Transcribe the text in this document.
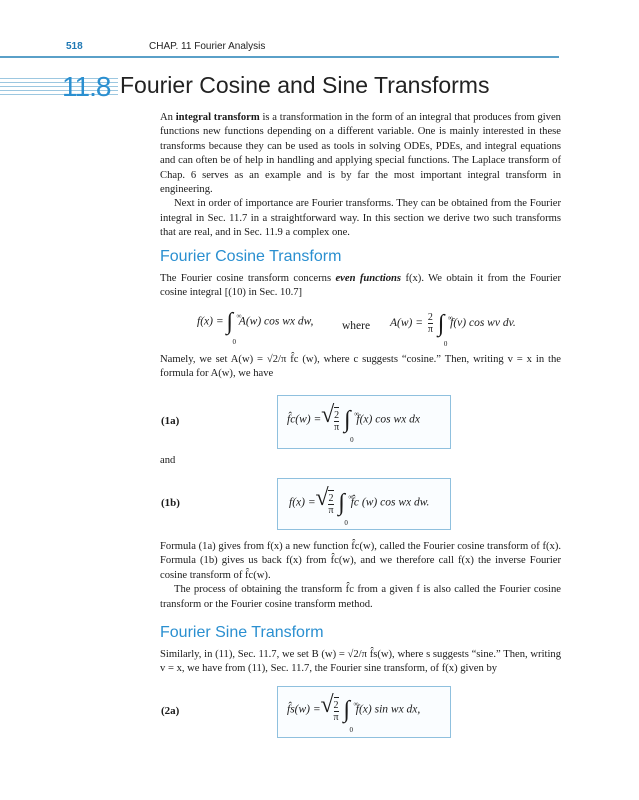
518	CHAP. 11 Fourier Analysis
11.8 Fourier Cosine and Sine Transforms

An integral transform is a transformation in the form of an integral that produces from given functions new functions depending on a different variable. One is mainly interested in these transforms because they can be used as tools in solving ODEs, PDEs, and integral equations and can often be of help in handling and applying special functions. The Laplace transform of Chap. 6 serves as an example and is by far the most important integral transform in engineering.

Next in order of importance are Fourier transforms. They can be obtained from the Fourier integral in Sec. 11.7 in a straightforward way. In this section we derive two such transforms that are real, and in Sec. 11.9 a complex one.

Fourier Cosine Transform

The Fourier cosine transform concerns even functions f(x). We obtain it from the Fourier cosine integral [(10) in Sec. 10.7]

f(x) = ∫ ∞
0
A(w) cos wx dw, where $A(w) = \frac{2}{\pi}$ ∫ ∞
0
f(v) cos wv dv.

Namely, we set A(w) = √2/π f̂c (w), where c suggests “cosine.” Then, writing v = x in the formula for A(w), we have

(1a)	f̂c(w) = √ $\frac{2}{\pi}$ ∫ ∞
0
f(x) cos wx dx
and
(1b)	f(x) = √ $\frac{2}{\pi}$ ∫ ∞
0
f̂c (w) cos wx dw.

Formula (1a) gives from f(x) a new function f̂c(w), called the Fourier cosine transform of f(x). Formula (1b) gives us back f(x) from f̂c(w), and we therefore call f(x) the inverse Fourier cosine transform of f̂c(w).

The process of obtaining the transform f̂c from a given f is also called the Fourier cosine transform or the Fourier cosine transform method.

Fourier Sine Transform

Similarly, in (11), Sec. 11.7, we set B (w) = √2/π f̂s(w), where s suggests “sine.” Then, writing v = x, we have from (11), Sec. 11.7, the Fourier sine transform, of f(x) given by

(2a)	f̂s(w) = √ $\frac{2}{\pi}$ ∫ ∞
0
f(x) sin wx dx,
